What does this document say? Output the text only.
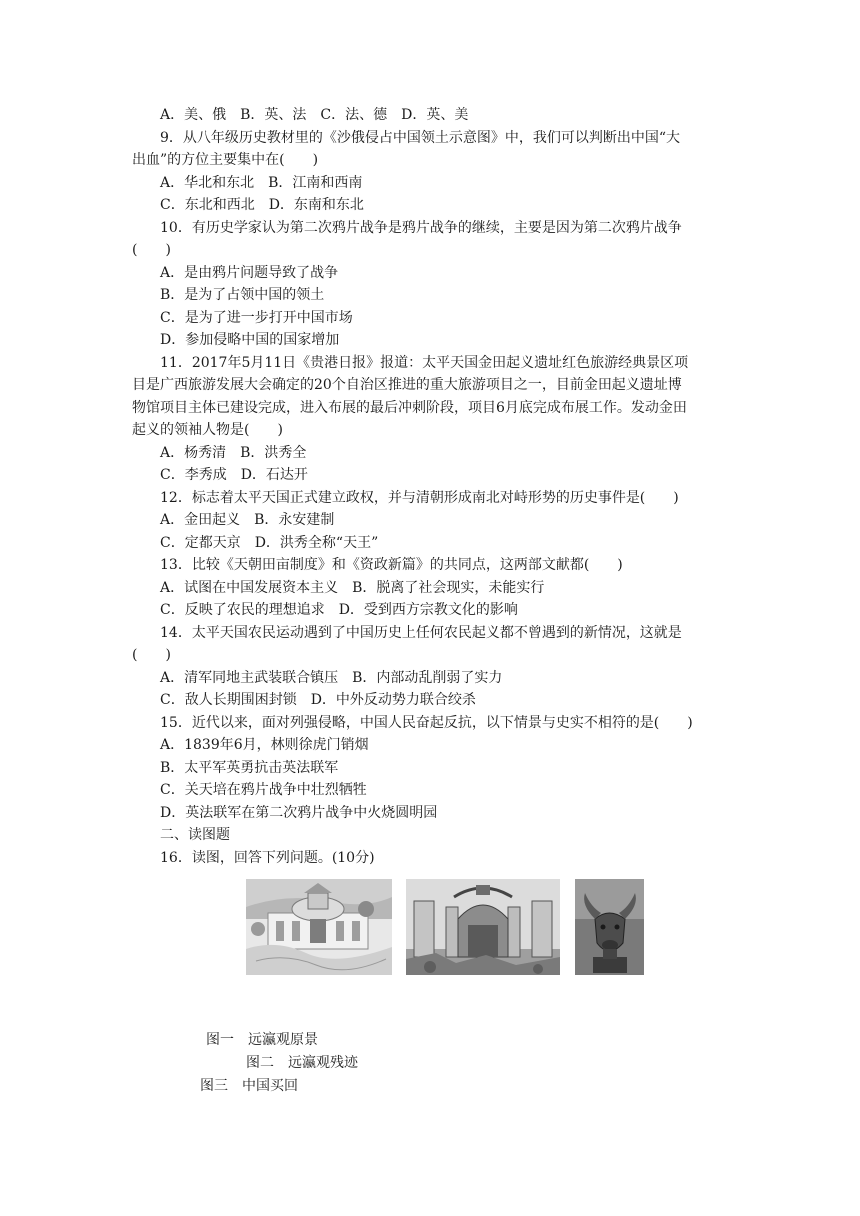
A．美、俄　B．英、法　C．法、德　D．英、美
9．从八年级历史教材里的《沙俄侵占中国领土示意图》中，我们可以判断出中国“大
出血”的方位主要集中在(　　)
A．华北和东北　B．江南和西南
C．东北和西北　D．东南和东北
10．有历史学家认为第二次鸦片战争是鸦片战争的继续，主要是因为第二次鸦片战争
(　　)
A．是由鸦片问题导致了战争
B．是为了占领中国的领土
C．是为了进一步打开中国市场
D．参加侵略中国的国家增加
11．2017年5月11日《贵港日报》报道：太平天国金田起义遗址红色旅游经典景区项
目是广西旅游发展大会确定的20个自治区推进的重大旅游项目之一，目前金田起义遗址博
物馆项目主体已建设完成，进入布展的最后冲刺阶段，项目6月底完成布展工作。发动金田
起义的领袖人物是(　　)
A．杨秀清　B．洪秀全
C．李秀成　D．石达开
12．标志着太平天国正式建立政权，并与清朝形成南北对峙形势的历史事件是(　　)
A．金田起义　B．永安建制
C．定都天京　D．洪秀全称“天王”
13．比较《天朝田亩制度》和《资政新篇》的共同点，这两部文献都(　　)
A．试图在中国发展资本主义　B．脱离了社会现实，未能实行
C．反映了农民的理想追求　D．受到西方宗教文化的影响
14．太平天国农民运动遇到了中国历史上任何农民起义都不曾遇到的新情况，这就是
(　　)
A．清军同地主武装联合镇压　B．内部动乱削弱了实力
C．敌人长期围困封锁　D．中外反动势力联合绞杀
15．近代以来，面对列强侵略，中国人民奋起反抗，以下情景与史实不相符的是(　　)
A．1839年6月，林则徐虎门销烟
B．太平军英勇抗击英法联军
C．关天培在鸦片战争中壮烈牺牲
D．英法联军在第二次鸦片战争中火烧圆明园
二、读图题
16．读图，回答下列问题。(10分)
图一　远瀛观原景
图二　远瀛观残迹
图三　中国买回
